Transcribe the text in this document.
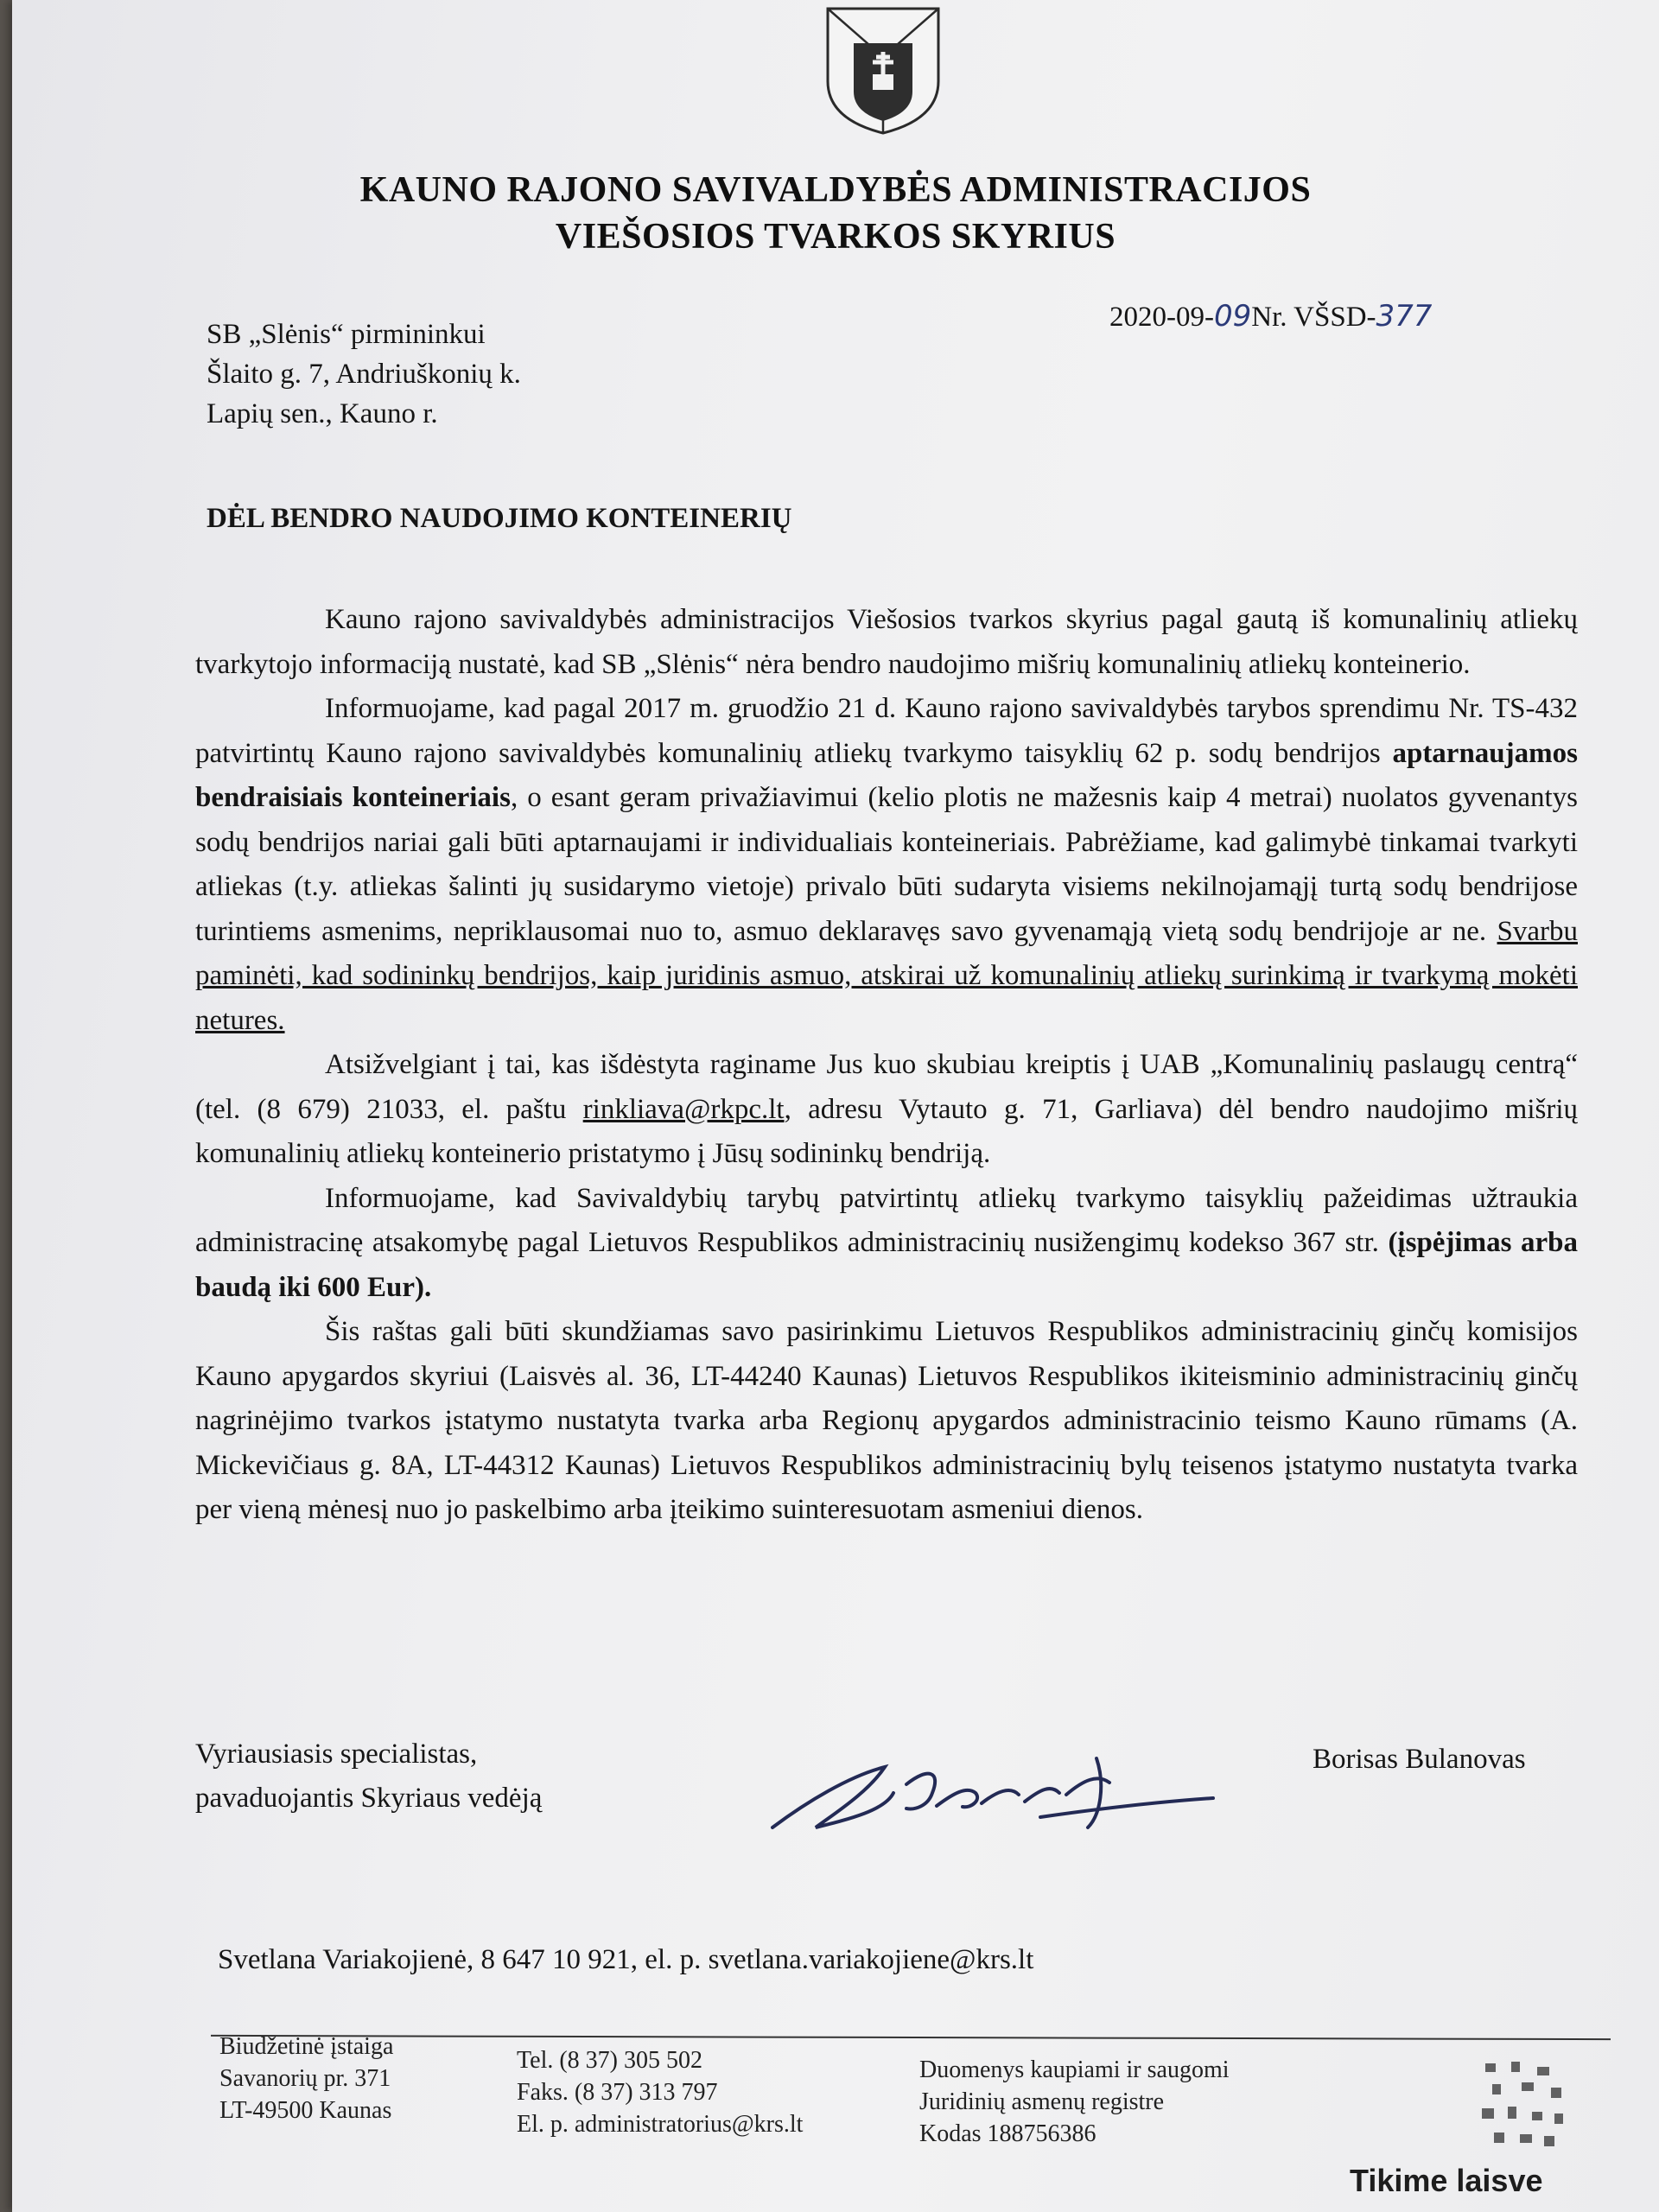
KAUNO RAJONO SAVIVALDYBĖS ADMINISTRACIJOS
VIEŠOSIOS TVARKOS SKYRIUS
SB „Slėnis“ pirmininkui
Šlaito g. 7, Andriuškonių k.
Lapių sen., Kauno r.
2020-09-09Nr. VŠSD-377
DĖL BENDRO NAUDOJIMO KONTEINERIŲ

Kauno rajono savivaldybės administracijos Viešosios tvarkos skyrius pagal gautą iš komunalinių atliekų tvarkytojo informaciją nustatė, kad SB „Slėnis“ nėra bendro naudojimo mišrių komunalinių atliekų konteinerio.

Informuojame, kad pagal 2017 m. gruodžio 21 d. Kauno rajono savivaldybės tarybos sprendimu Nr. TS-432 patvirtintų Kauno rajono savivaldybės komunalinių atliekų tvarkymo taisyklių 62 p. sodų bendrijos aptarnaujamos bendraisiais konteineriais, o esant geram privažiavimui (kelio plotis ne mažesnis kaip 4 metrai) nuolatos gyvenantys sodų bendrijos nariai gali būti aptarnaujami ir individualiais konteineriais. Pabrėžiame, kad galimybė tinkamai tvarkyti atliekas (t.y. atliekas šalinti jų susidarymo vietoje) privalo būti sudaryta visiems nekilnojamąjį turtą sodų bendrijose turintiems asmenims, nepriklausomai nuo to, asmuo deklaravęs savo gyvenamąją vietą sodų bendrijoje ar ne. Svarbu paminėti, kad sodininkų bendrijos, kaip juridinis asmuo, atskirai už komunalinių atliekų surinkimą ir tvarkymą mokėti netures.

Atsižvelgiant į tai, kas išdėstyta raginame Jus kuo skubiau kreiptis į UAB „Komunalinių paslaugų centrą“ (tel. (8 679) 21033, el. paštu rinkliava@rkpc.lt, adresu Vytauto g. 71, Garliava) dėl bendro naudojimo mišrių komunalinių atliekų konteinerio pristatymo į Jūsų sodininkų bendriją.

Informuojame, kad Savivaldybių tarybų patvirtintų atliekų tvarkymo taisyklių pažeidimas užtraukia administracinę atsakomybę pagal Lietuvos Respublikos administracinių nusižengimų kodekso 367 str. (įspėjimas arba baudą iki 600 Eur).

Šis raštas gali būti skundžiamas savo pasirinkimu Lietuvos Respublikos administracinių ginčų komisijos Kauno apygardos skyriui (Laisvės al. 36, LT-44240 Kaunas) Lietuvos Respublikos ikiteisminio administracinių ginčų nagrinėjimo tvarkos įstatymo nustatyta tvarka arba Regionų apygardos administracinio teismo Kauno rūmams (A. Mickevičiaus g. 8A, LT-44312 Kaunas) Lietuvos Respublikos administracinių bylų teisenos įstatymo nustatyta tvarka per vieną mėnesį nuo jo paskelbimo arba įteikimo suinteresuotam asmeniui dienos.

Vyriausiasis specialistas,
pavaduojantis Skyriaus vedėją
Borisas Bulanovas
Svetlana Variakojienė, 8 647 10 921, el. p. svetlana.variakojiene@krs.lt
Biudžetinė įstaiga
Savanorių pr. 371
LT-49500 Kaunas
Tel. (8 37) 305 502
Faks. (8 37) 313 797
El. p. administratorius@krs.lt
Duomenys kaupiami ir saugomi
Juridinių asmenų registre
Kodas 188756386
Tikime laisve
